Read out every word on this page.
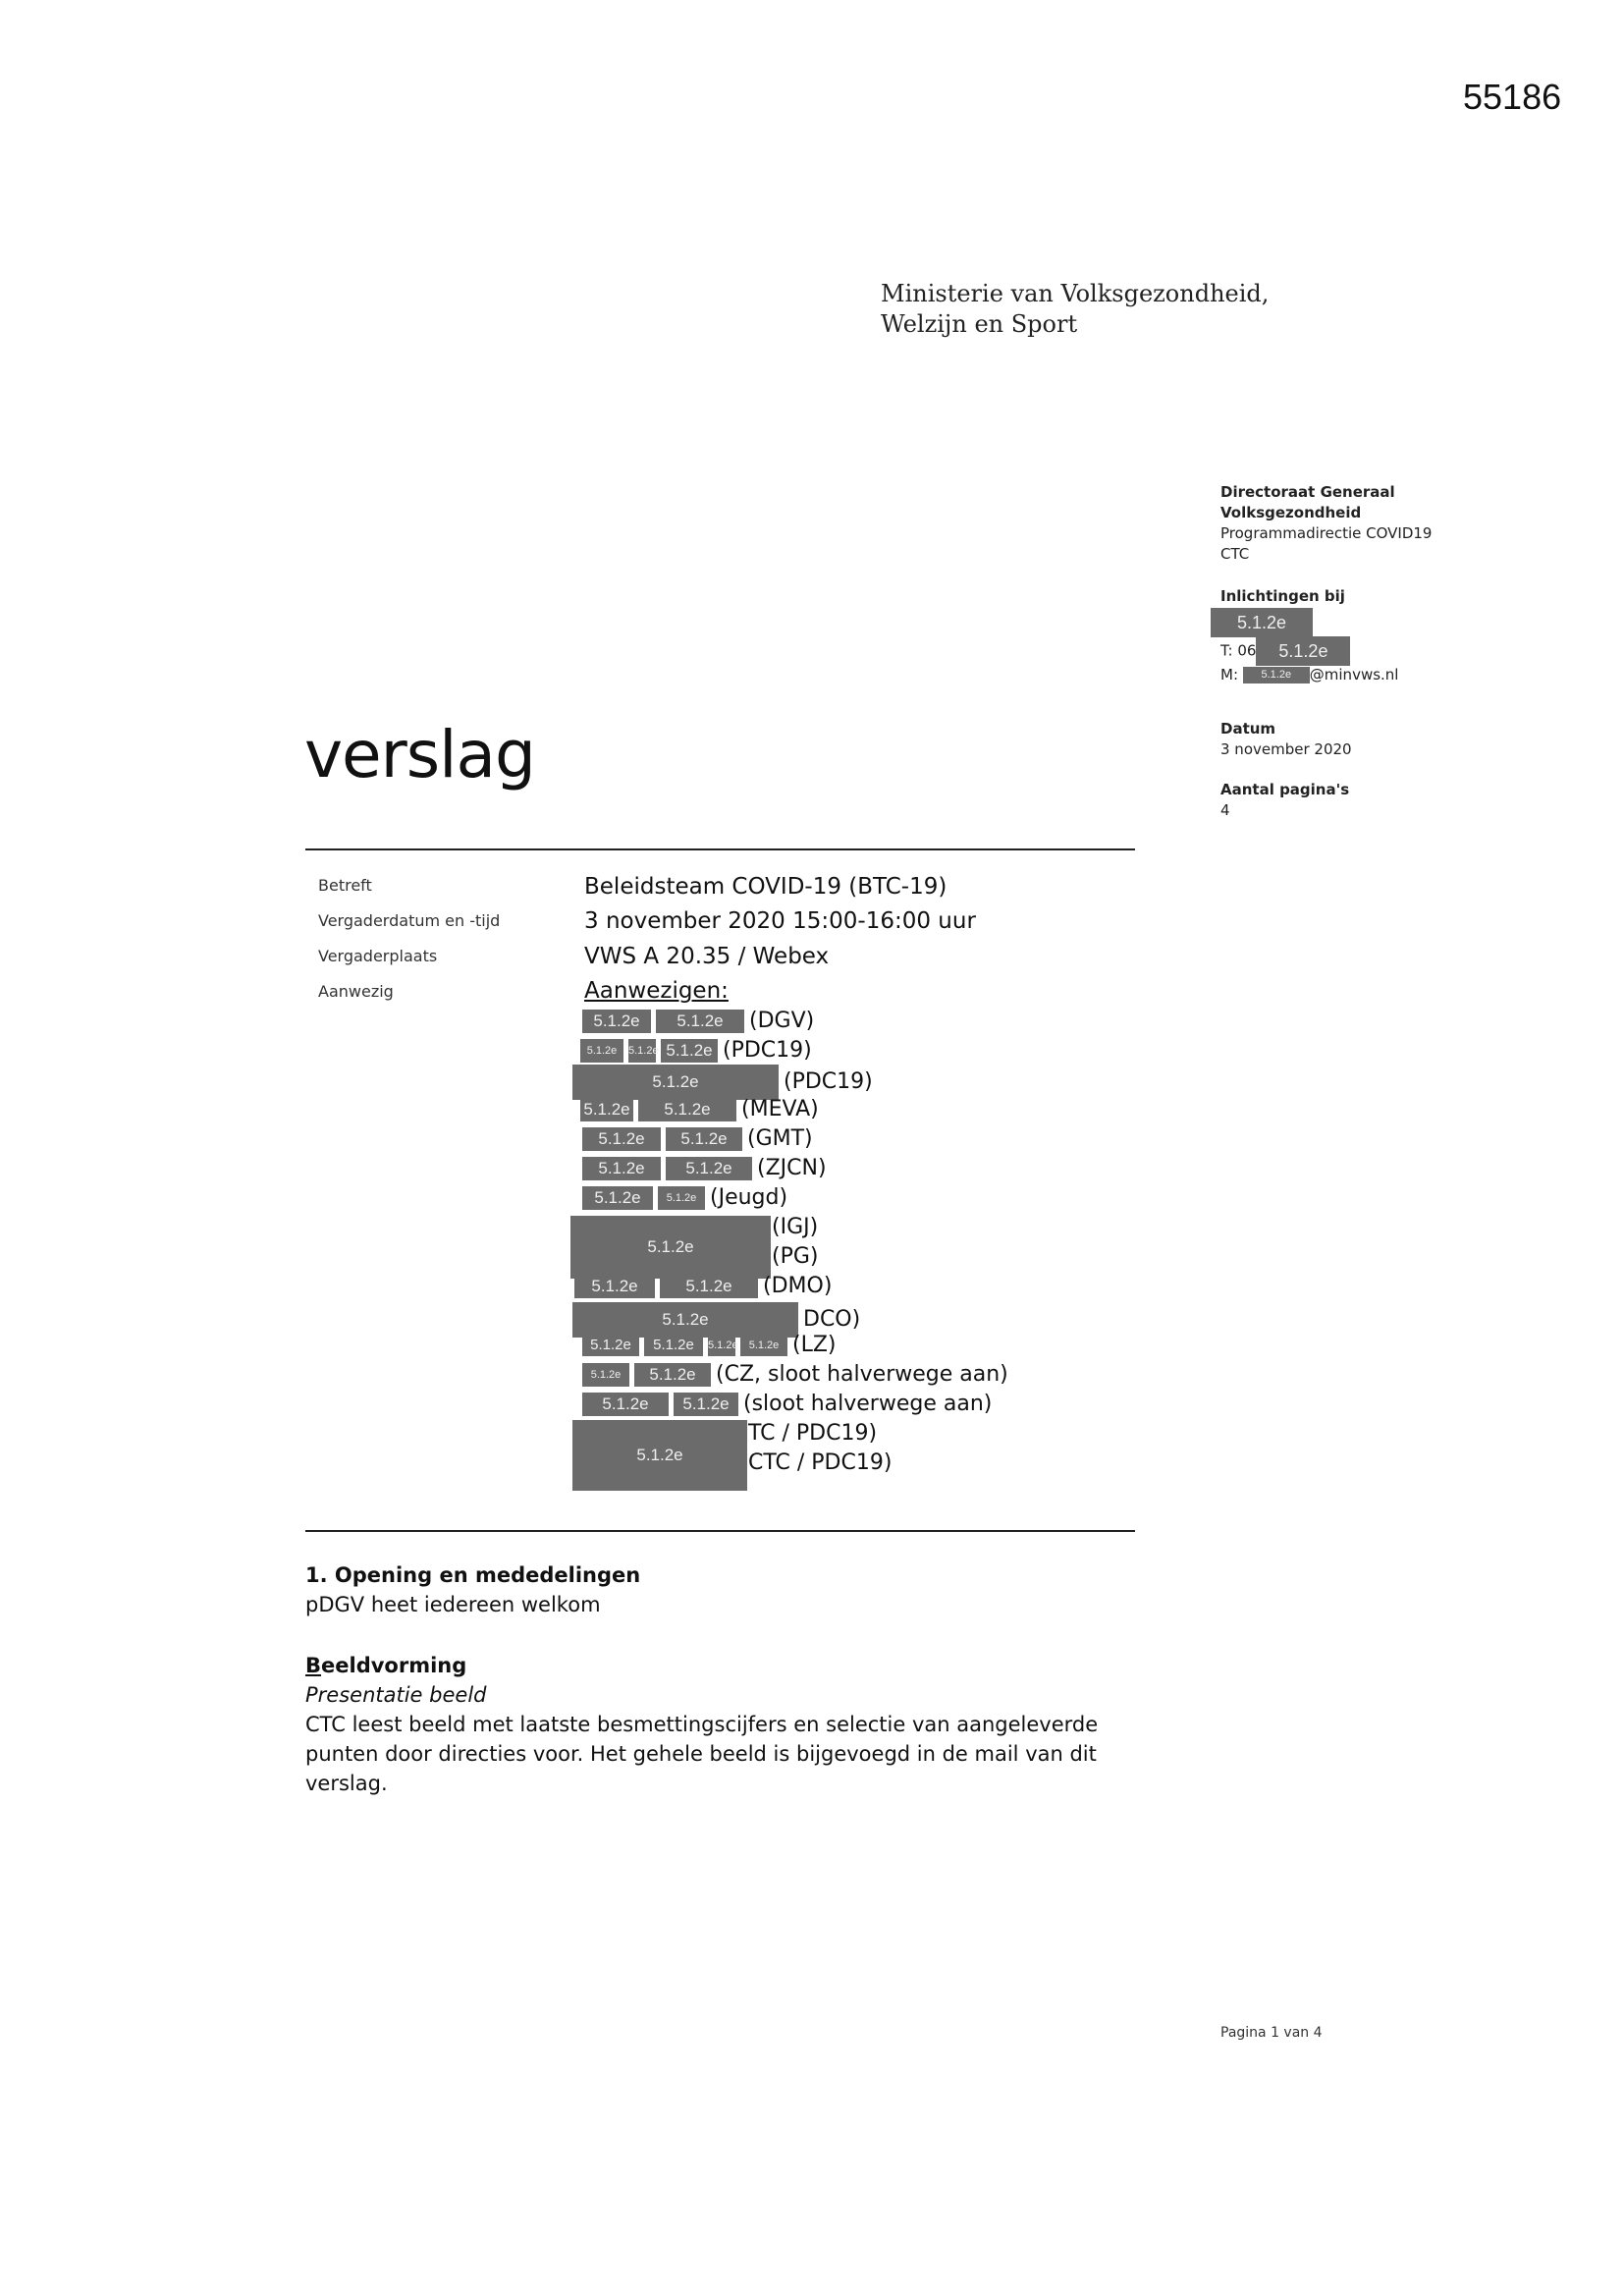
55186
Ministerie van Volksgezondheid,
Welzijn en Sport
Directoraat Generaal
Volksgezondheid
Programmadirectie COVID19
CTC
Inlichtingen bij
5.1.2e
T: 06 5.1.2e
M: 5.1.2e @minvws.nl
Datum
3 november 2020
Aantal pagina's
4
verslag
Betreft	Beleidsteam COVID-19 (BTC-19)
Vergaderdatum en -tijd	3 november 2020 15:00-16:00 uur
Vergaderplaats	VWS A 20.35 / Webex
Aanwezig	Aanwezigen:
5.1.2e 5.1.2e (DGV)
5.1.2e 5.1.2e 5.1.2e (PDC19)
5.1.2e	(PDC19)
5.1.2e 5.1.2e (MEVA)
5.1.2e 5.1.2e (GMT)
5.1.2e 5.1.2e (ZJCN)
5.1.2e 5.1.2e (Jeugd)
5.1.2e
(IGJ)
(PG)
5.1.2e	5.1.2e (DMO)
5.1.2e	DCO)
5.1.2e 5.1.2e 5.1.2e 5.1.2e (LZ)
5.1.2e 5.1.2e (CZ, sloot halverwege aan)
5.1.2e 5.1.2e (sloot halverwege aan)
5.1.2e
TC / PDC19)
CTC / PDC19)
1. Opening en mededelingen
pDGV heet iedereen welkom
Beeldvorming
Presentatie beeld
CTC leest beeld met laatste besmettingscijfers en selectie van aangeleverde
punten door directies voor. Het gehele beeld is bijgevoegd in de mail van dit
verslag.
Pagina 1 van 4
